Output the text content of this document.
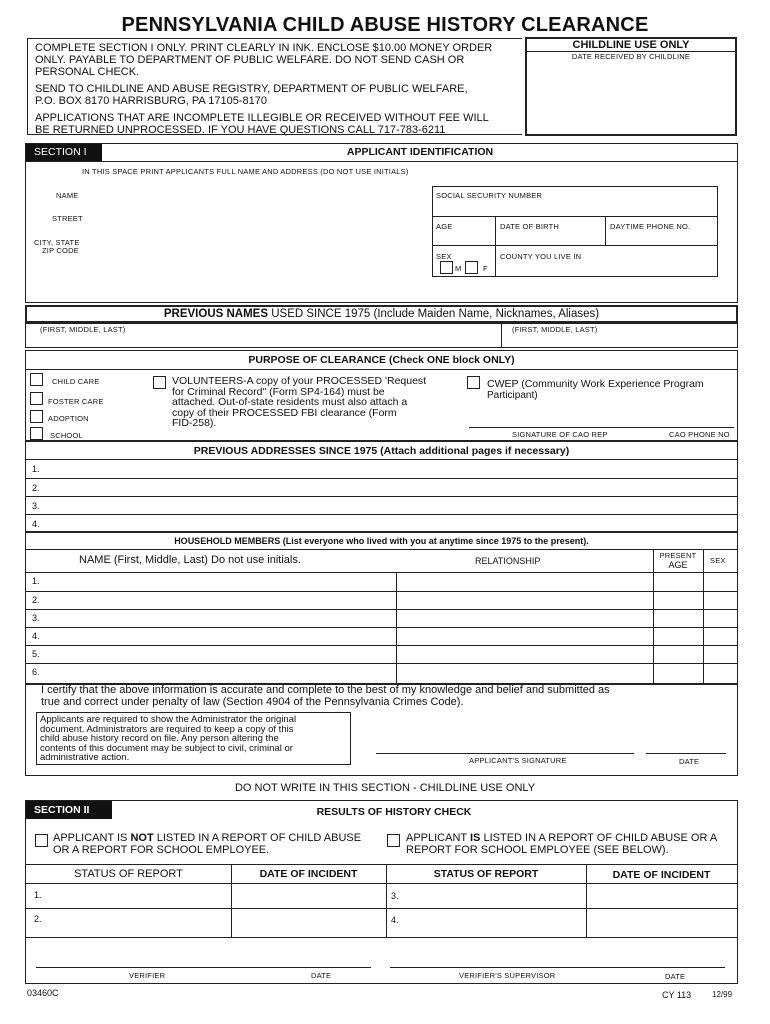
PENNSYLVANIA CHILD ABUSE HISTORY CLEARANCE
COMPLETE SECTION I ONLY. PRINT CLEARLY IN INK. ENCLOSE $10.00 MONEY ORDER
ONLY. PAYABLE TO DEPARTMENT OF PUBLIC WELFARE. DO NOT SEND CASH OR
PERSONAL CHECK.
SEND TO CHILDLINE AND ABUSE REGISTRY, DEPARTMENT OF PUBLIC WELFARE,
P.O. BOX 8170 HARRISBURG, PA 17105-8170
APPLICATIONS THAT ARE INCOMPLETE ILLEGIBLE OR RECEIVED WITHOUT FEE WILL
BE RETURNED UNPROCESSED. IF YOU HAVE QUESTIONS CALL 717-783-6211
CHILDLINE USE ONLY
DATE RECEIVED BY CHILDLINE
SECTION I	APPLICANT IDENTIFICATION
IN THIS SPACE PRINT APPLICANTS FULL NAME AND ADDRESS (DO NOT USE INITIALS)
NAME
STREET
CITY, STATE
ZIP CODE
SOCIAL SECURITY NUMBER
AGE	DATE OF BIRTH	DAYTIME PHONE NO.
SEX
M	F
COUNTY YOU LIVE IN
PREVIOUS NAMES USED SINCE 1975 (Include Maiden Name, Nicknames, Aliases)
(FIRST, MIDDLE, LAST)	(FIRST, MIDDLE, LAST)
PURPOSE OF CLEARANCE (Check ONE block ONLY)
CHILD CARE
FOSTER CARE
ADOPTION
SCHOOL
VOLUNTEERS-A copy of your PROCESSED 'Request
for Criminal Record" (Form SP4-164) must be
attached. Out-of-state residents must also attach a
copy of their PROCESSED FBI clearance (Form
FID-258).
CWEP (Community Work Experience Program
Participant)
SIGNATURE OF CAO REP	CAO PHONE NO
PREVIOUS ADDRESSES SINCE 1975 (Attach additional pages if necessary)
1.
2.
3.
4.
HOUSEHOLD MEMBERS (List everyone who lived with you at anytime since 1975 to the present).
NAME (First, Middle, Last) Do not use initials.	RELATIONSHIP
PRESENT
AGE	SEX
1.
2.
3.
4.
5.
6.
I certify that the above information is accurate and complete to the best of my knowledge and belief and submitted as
true and correct under penalty of law (Section 4904 of the Pennsylvania Crimes Code).
Applicants are required to show the Administrator the original
document. Administrators are required to keep a copy of this
child abuse history record on file. Any person altering the
contents of this document may be subject to civil, criminal or
administrative action.	APPLICANT'S SIGNATURE	DATE
DO NOT WRITE IN THIS SECTION - CHILDLINE USE ONLY
SECTION II	RESULTS OF HISTORY CHECK
APPLICANT IS NOT LISTED IN A REPORT OF CHILD ABUSE
OR A REPORT FOR SCHOOL EMPLOYEE.
APPLICANT IS LISTED IN A REPORT OF CHILD ABUSE OR A
REPORT FOR SCHOOL EMPLOYEE (SEE BELOW).
STATUS OF REPORT	DATE OF INCIDENT	STATUS OF REPORT	DATE OF INCIDENT
1.	3.
2.	4.
VERIFIER	DATE	VERIFIER'S SUPERVISOR	DATE
03460C	CY 113	12/99
